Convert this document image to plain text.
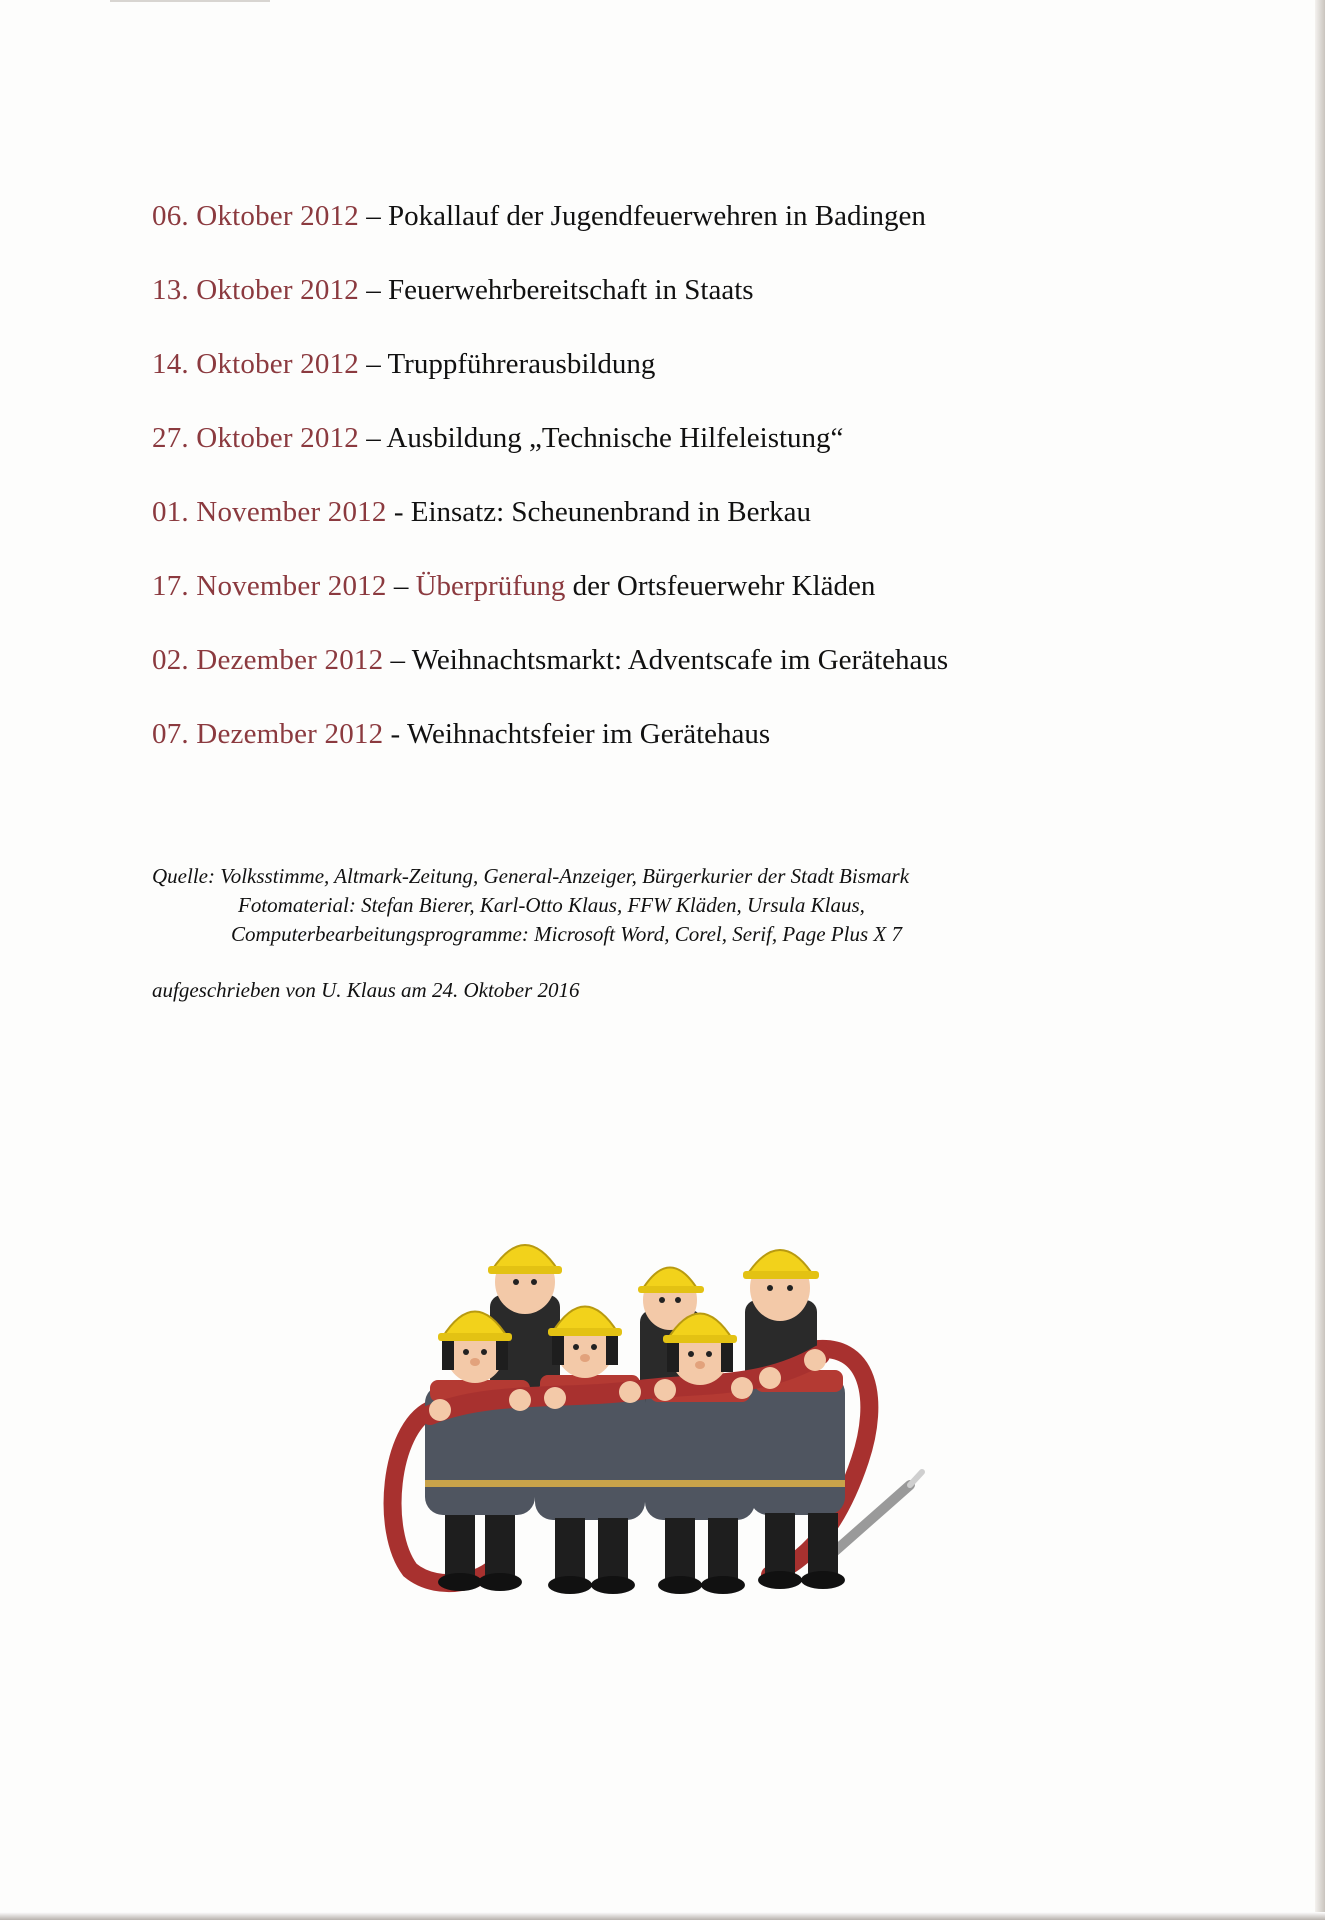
06. Oktober 2012 – Pokallauf der Jugendfeuerwehren in Badingen
13. Oktober 2012 – Feuerwehrbereitschaft in Staats
14. Oktober 2012 – Truppführerausbildung
27. Oktober 2012 – Ausbildung „Technische Hilfeleistung“
01. November 2012 - Einsatz: Scheunenbrand in Berkau
17. November 2012 – Überprüfung der Ortsfeuerwehr Kläden
02. Dezember 2012 – Weihnachtsmarkt: Adventscafe im Gerätehaus
07. Dezember 2012 - Weihnachtsfeier im Gerätehaus
Quelle: Volksstimme, Altmark-Zeitung, General-Anzeiger, Bürgerkurier der Stadt Bismark
Fotomaterial: Stefan Bierer, Karl-Otto Klaus, FFW Kläden, Ursula Klaus,
Computerbearbeitungsprogramme: Microsoft Word, Corel, Serif, Page Plus X 7
aufgeschrieben von U. Klaus am 24. Oktober 2016
